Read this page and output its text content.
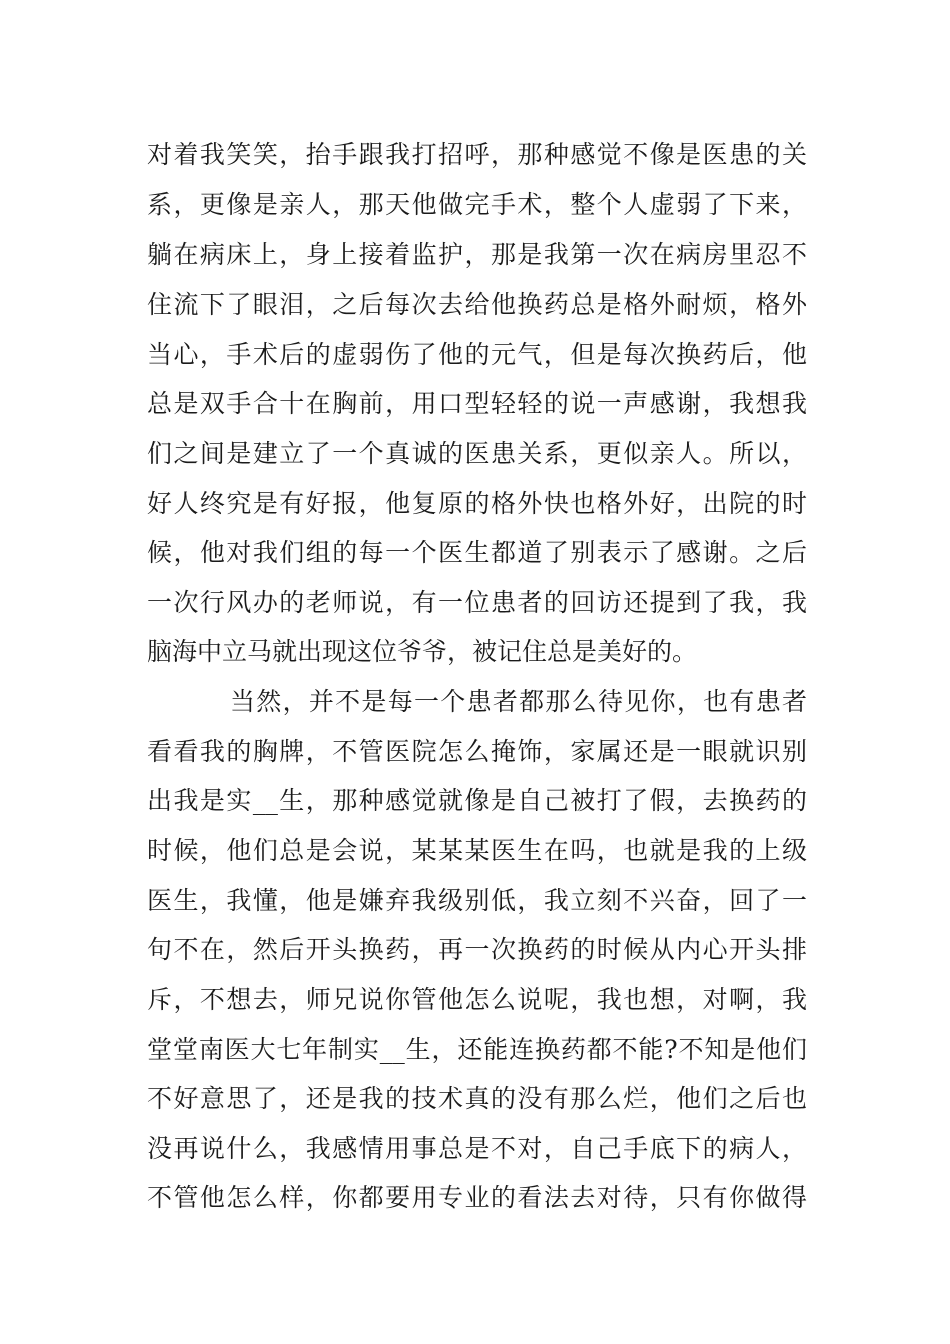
对着我笑笑，抬手跟我打招呼，那种感觉不像是医患的关
系，更像是亲人，那天他做完手术，整个人虚弱了下来，
躺在病床上，身上接着监护，那是我第一次在病房里忍不
住流下了眼泪，之后每次去给他换药总是格外耐烦，格外
当心，手术后的虚弱伤了他的元气，但是每次换药后，他
总是双手合十在胸前，用口型轻轻的说一声感谢，我想我
们之间是建立了一个真诚的医患关系，更似亲人。所以，
好人终究是有好报，他复原的格外快也格外好，出院的时
候，他对我们组的每一个医生都道了别表示了感谢。之后
一次行风办的老师说，有一位患者的回访还提到了我，我
脑海中立马就出现这位爷爷，被记住总是美好的。
当然，并不是每一个患者都那么待见你，也有患者
看看我的胸牌，不管医院怎么掩饰，家属还是一眼就识别
出我是实__生，那种感觉就像是自己被打了假，去换药的
时候，他们总是会说，某某某医生在吗，也就是我的上级
医生，我懂，他是嫌弃我级别低，我立刻不兴奋，回了一
句不在，然后开头换药，再一次换药的时候从内心开头排
斥，不想去，师兄说你管他怎么说呢，我也想，对啊，我
堂堂南医大七年制实__生，还能连换药都不能?不知是他们
不好意思了，还是我的技术真的没有那么烂，他们之后也
没再说什么，我感情用事总是不对，自己手底下的病人，
不管他怎么样，你都要用专业的看法去对待，只有你做得
